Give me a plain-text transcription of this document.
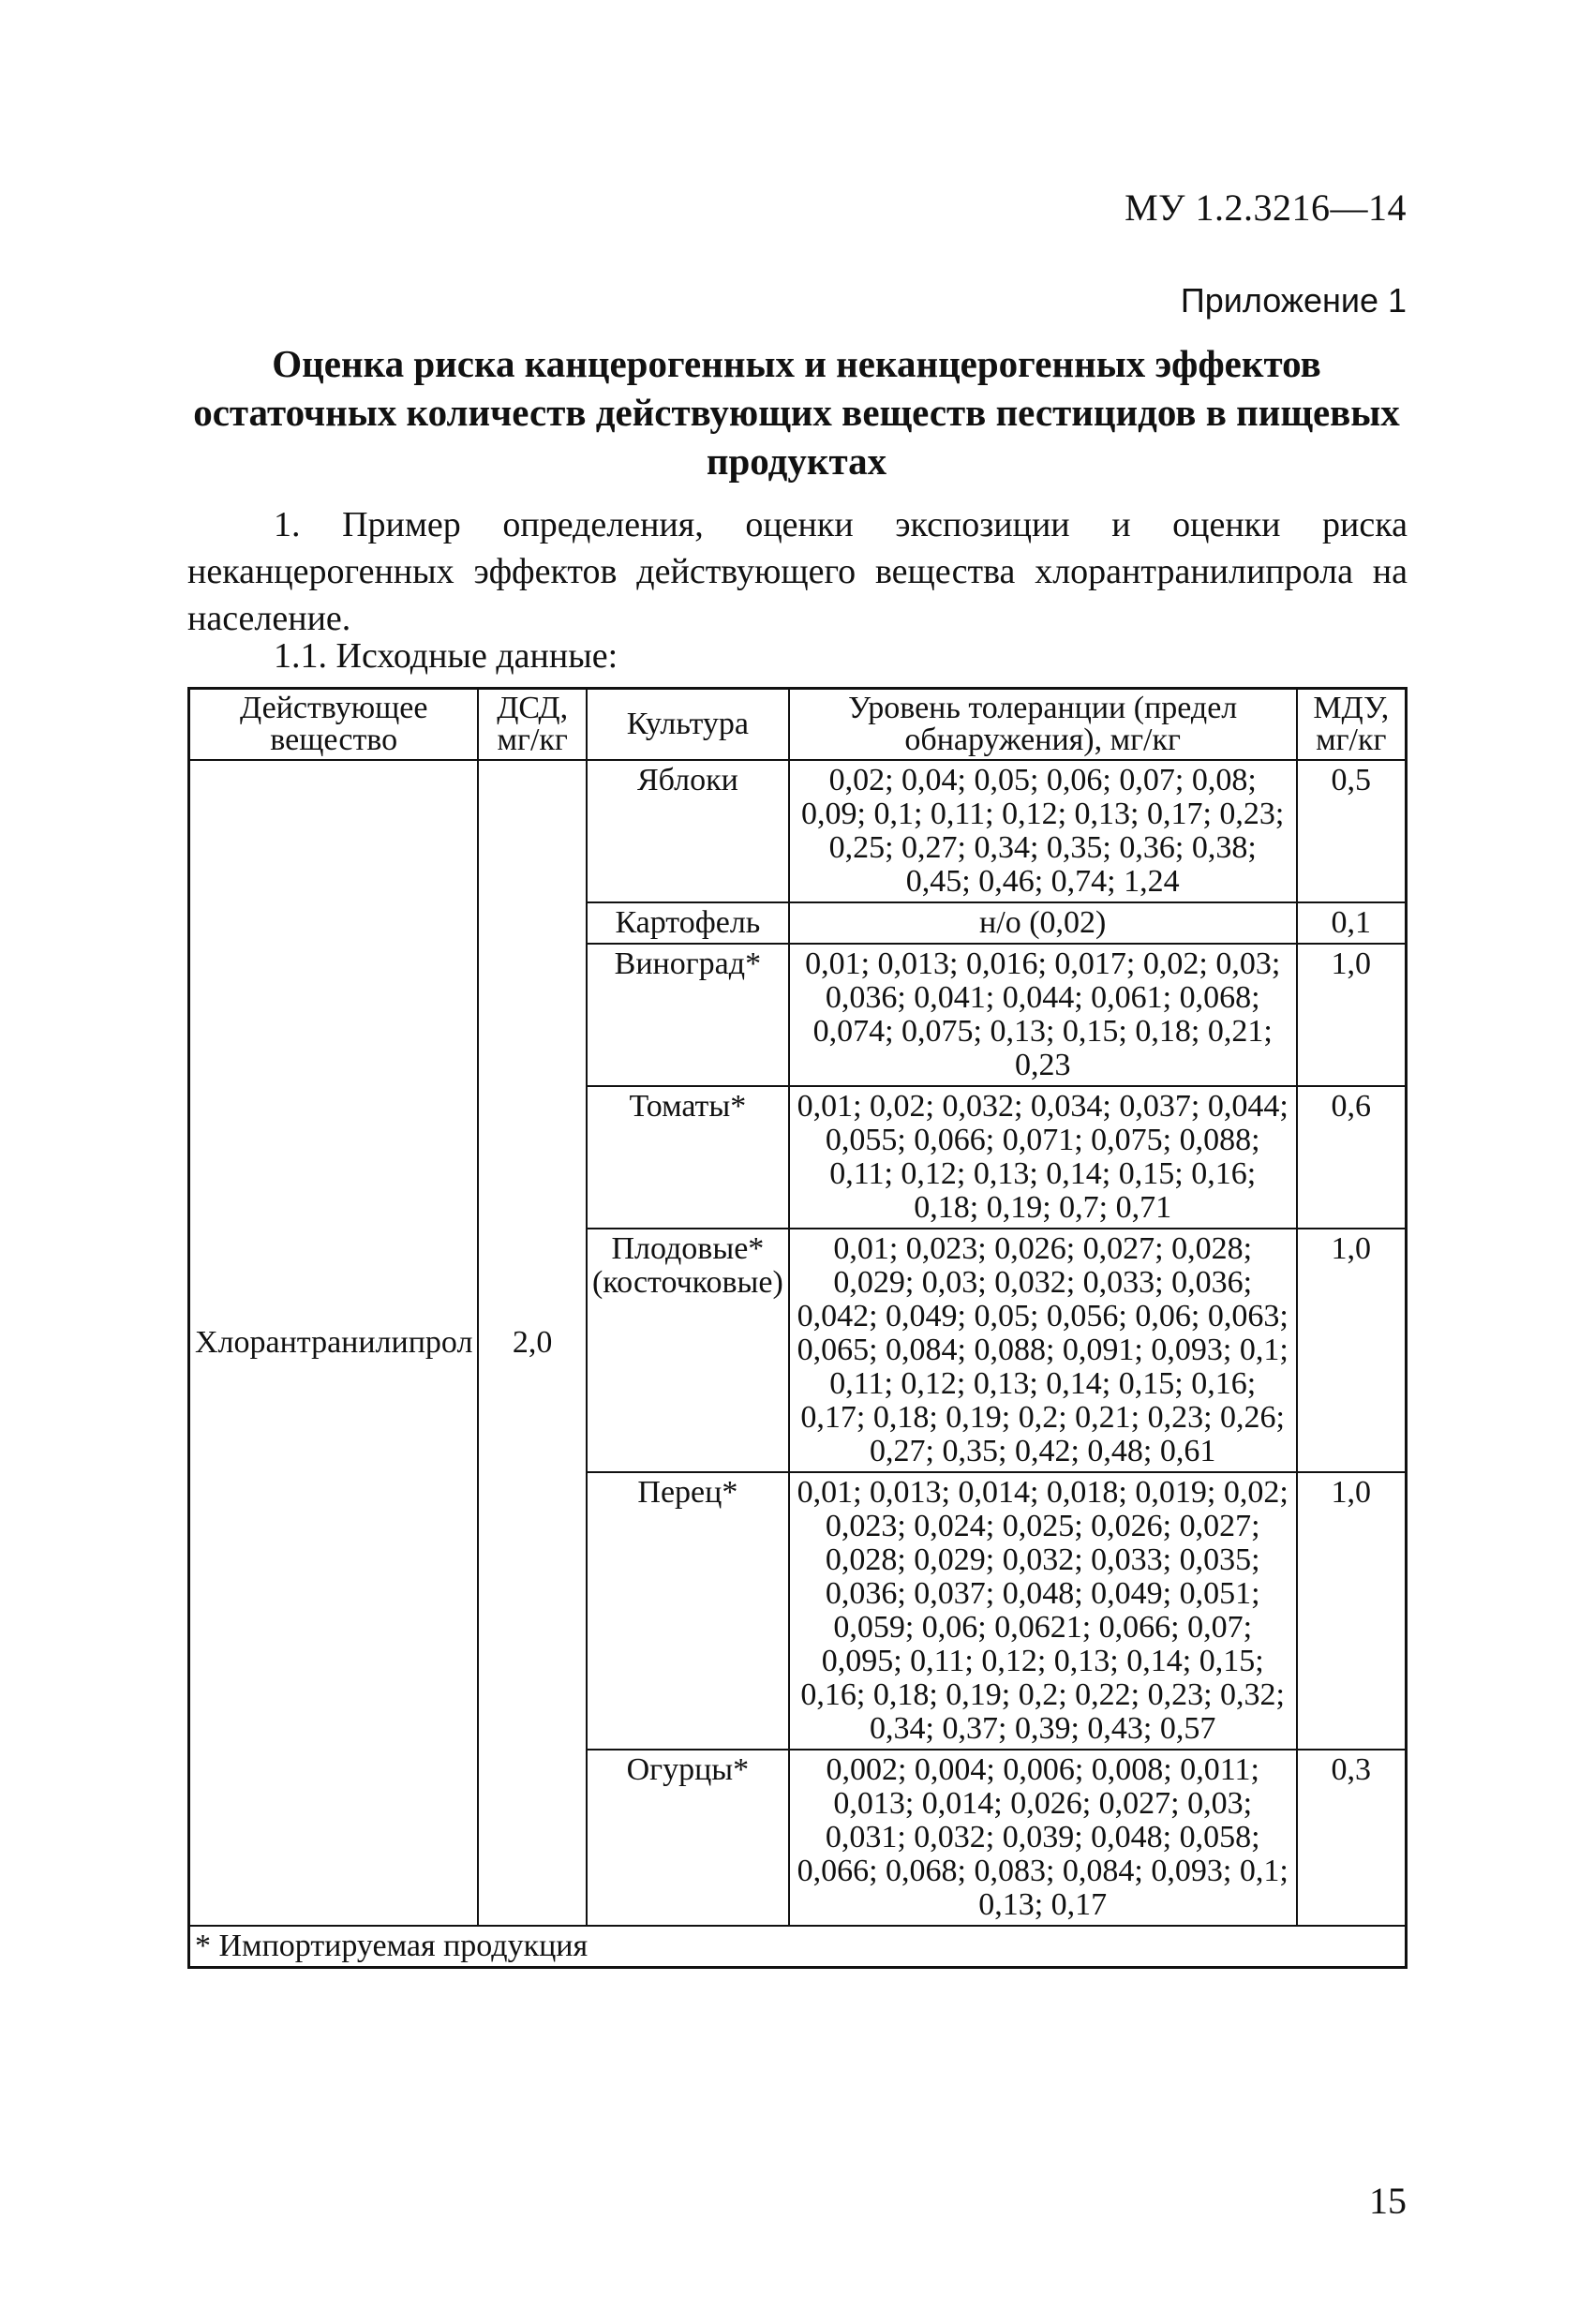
МУ 1.2.3216—14
Приложение 1
Оценка риска канцерогенных и неканцерогенных эффектов остаточных количеств действующих веществ пестицидов в пищевых продуктах
1. Пример определения, оценки экспозиции и оценки риска неканцерогенных эффектов действующего вещества хлорантранилипрола на население.
1.1. Исходные данные:
Действующее вещество	ДСД, мг/кг	Культура	Уровень толеранции (предел обнаружения), мг/кг	МДУ, мг/кг
Хлорантранилипрол	2,0	Яблоки	0,02; 0,04; 0,05; 0,06; 0,07; 0,08; 0,09; 0,1; 0,11; 0,12; 0,13; 0,17; 0,23; 0,25; 0,27; 0,34; 0,35; 0,36; 0,38; 0,45; 0,46; 0,74; 1,24	0,5
		Картофель	н/о (0,02)	0,1
		Виноград*	0,01; 0,013; 0,016; 0,017; 0,02; 0,03; 0,036; 0,041; 0,044; 0,061; 0,068; 0,074; 0,075; 0,13; 0,15; 0,18; 0,21; 0,23	1,0
		Томаты*	0,01; 0,02; 0,032; 0,034; 0,037; 0,044; 0,055; 0,066; 0,071; 0,075; 0,088; 0,11; 0,12; 0,13; 0,14; 0,15; 0,16; 0,18; 0,19; 0,7; 0,71	0,6
		Плодовые* (косточковые)	0,01; 0,023; 0,026; 0,027; 0,028; 0,029; 0,03; 0,032; 0,033; 0,036; 0,042; 0,049; 0,05; 0,056; 0,06; 0,063; 0,065; 0,084; 0,088; 0,091; 0,093; 0,1; 0,11; 0,12; 0,13; 0,14; 0,15; 0,16; 0,17; 0,18; 0,19; 0,2; 0,21; 0,23; 0,26; 0,27; 0,35; 0,42; 0,48; 0,61	1,0
		Перец*	0,01; 0,013; 0,014; 0,018; 0,019; 0,02; 0,023; 0,024; 0,025; 0,026; 0,027; 0,028; 0,029; 0,032; 0,033; 0,035; 0,036; 0,037; 0,048; 0,049; 0,051; 0,059; 0,06; 0,0621; 0,066; 0,07; 0,095; 0,11; 0,12; 0,13; 0,14; 0,15; 0,16; 0,18; 0,19; 0,2; 0,22; 0,23; 0,32; 0,34; 0,37; 0,39; 0,43; 0,57	1,0
		Огурцы*	0,002; 0,004; 0,006; 0,008; 0,011; 0,013; 0,014; 0,026; 0,027; 0,03; 0,031; 0,032; 0,039; 0,048; 0,058; 0,066; 0,068; 0,083; 0,084; 0,093; 0,1; 0,13; 0,17	0,3
* Импортируемая продукция				
15
